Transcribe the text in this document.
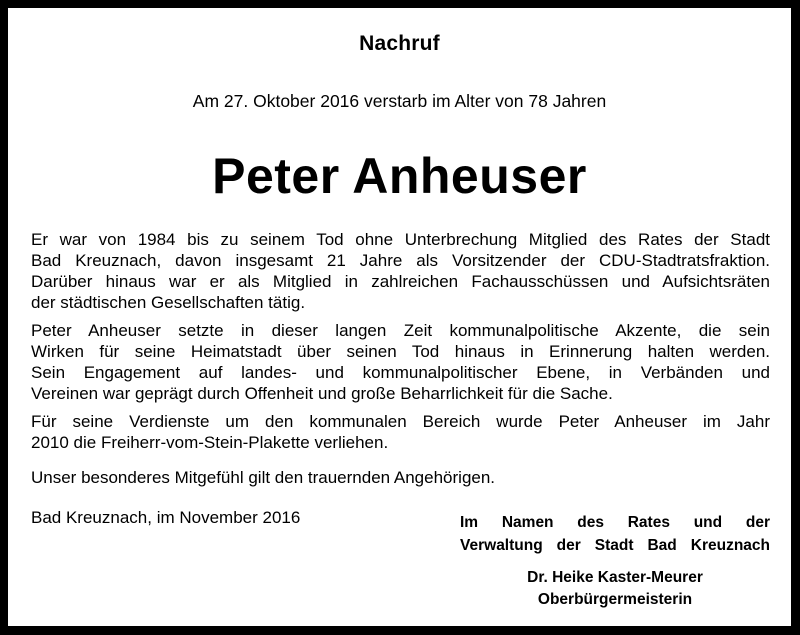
Nachruf
Am 27. Oktober 2016 verstarb im Alter von 78 Jahren
Peter Anheuser
Er war von 1984 bis zu seinem Tod ohne Unterbrechung Mitglied des Rates der Stadt
Bad Kreuznach, davon insgesamt 21 Jahre als Vorsitzender der CDU-Stadtratsfraktion.
Darüber hinaus war er als Mitglied in zahlreichen Fachausschüssen und Aufsichtsräten
der städtischen Gesellschaften tätig.
Peter Anheuser setzte in dieser langen Zeit kommunalpolitische Akzente, die sein
Wirken für seine Heimatstadt über seinen Tod hinaus in Erinnerung halten werden.
Sein Engagement auf landes- und kommunalpolitischer Ebene, in Verbänden und
Vereinen war geprägt durch Offenheit und große Beharrlichkeit für die Sache.
Für seine Verdienste um den kommunalen Bereich wurde Peter Anheuser im Jahr
2010 die Freiherr-vom-Stein-Plakette verliehen.
Unser besonderes Mitgefühl gilt den trauernden Angehörigen.
Bad Kreuznach, im November 2016	Im Namen des Rates und der
Verwaltung der Stadt Bad Kreuznach
Dr. Heike Kaster-Meurer
Oberbürgermeisterin
